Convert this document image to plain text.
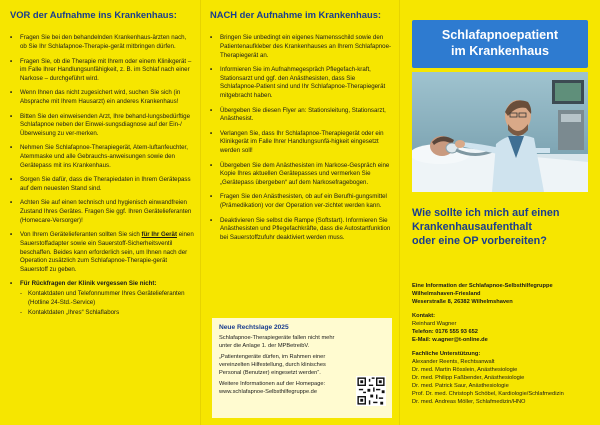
VOR der Aufnahme ins Krankenhaus:
• Fragen Sie bei den behandelnden Krankenhaus-ärzten nach, ob Sie Ihr Schlafapnoe-Therapie-gerät mitbringen dürfen.
• Fragen Sie, ob die Therapie mit Ihrem oder einem Klinikgerät – im Falle Ihrer Handlungsunfähigkeit, z. B. im Schlaf nach einer Narkose – durchgeführt wird.
• Wenn Ihnen das nicht zugesichert wird, suchen Sie sich (in Absprache mit Ihrem Hausarzt) ein anderes Krankenhaus!
• Bitten Sie den einweisenden Arzt, Ihre behand-lungsbedürftige Schlafapnoe neben der Einwei-sungsdiagnose auf der Ein-/Überweisung zu ver-merken.
• Nehmen Sie Schlafapnoe-Therapiegerät, Atem-luftanfeuchter, Atemmaske und alle Gebrauchs-anweisungen sowie den Gerätepass mit ins Krankenhaus.
• Sorgen Sie dafür, dass die Therapiedaten in Ihrem Gerätepass auf dem neuesten Stand sind.
• Achten Sie auf einen technisch und hygienisch einwandfreien Zustand Ihres Gerätes. Fragen Sie ggf. Ihren Gerätelieferanten (Homecare-Versorger)!
• Von Ihrem Gerätelieferanten sollten Sie sich für Ihr Gerät einen Sauerstoffadapter sowie ein Sauerstoff-Sicherheitsventil beschaffen. Beides kann erforderlich sein, um Ihnen nach der Operation zusätzlich zum Schlafapnoe-Therapie-gerät Sauerstoff zu geben.
• Für Rückfragen der Klinik vergessen Sie nicht:
- Kontaktdaten und Telefonnummer Ihres Gerätelieferanten (Hotline 24-Std.-Service)
- Kontaktdaten „Ihres“ Schlaflabors
NACH der Aufnahme im Krankenhaus:
• Bringen Sie unbedingt ein eigenes Namensschild sowie den Patientenaufkleber des Krankenhauses an Ihrem Schlafapnoe-Therapiegerät an.
• Informieren Sie im Aufnahmegespräch Pflegefach-kraft, Stationsarzt und ggf. den Anästhesisten, dass Sie Schlafapnoe-Patient sind und Ihr Schlafapnoe-Therapiegerät mitgebracht haben.
• Übergeben Sie diesen Flyer an: Stationsleitung, Stationsarzt, Anästhesist.
• Verlangen Sie, dass Ihr Schlafapnoe-Therapiegerät oder ein Klinikgerät im Falle Ihrer Handlungsunfä-higkeit eingesetzt werden soll!
• Übergeben Sie dem Anästhesisten im Narkose-Gespräch eine Kopie Ihres aktuellen Gerätepasses und vermerken Sie „Gerätepass übergeben“ auf dem Narkosefragebogen.
• Fragen Sie den Anästhesisten, ob auf ein Berufhi-gungsmittel (Prämedikation) vor der Operation ver-zichtet werden kann.
• Deaktivieren Sie selbst die Rampe (Softstart). Informieren Sie Anästhesisten und Pflegefachkräfte, dass die Autostartfunktion bei Sauerstoffzufuhr deaktiviert werden muss.
Neue Rechtslage 2025

Schlafapnoe-Therapiegeräte fallen nicht mehr unter die Anlage 1. der MPBetreibV.

„Patientengeräte dürfen, im Rahmen einer vereinzelten Hilfestellung, durch klinisches Personal (Benutzer) eingesetzt werden“.

Weitere Informationen auf der Homepage:
www.schlafapnoe-Selbsthilfegruppe.de

Schlafapnoepatient
im Krankenhaus
Wie sollte ich mich auf einen
Krankenhausaufenthalt
oder eine OP vorbereiten?
Eine Information der Schlafapnoe-Selbsthilfegruppe
Wilhelmshaven-Friesland
Weserstraße 8, 26382 Wilhelmshaven
Kontakt:
Reinhard Wagner
Telefon: 0176 555 93 652
E-Mail: w.agner@t-online.de
Fachliche Unterstützung:
Alexander Reents, Rechtsanwalt
Dr. med. Martin Rösslein, Anästhesiologie
Dr. med. Philipp Faßbender, Anästhesiologie
Dr. med. Patrick Saur, Anästhesiologie
Prof. Dr. med. Christoph Schöbel, Kardiologie/Schlafmedizin
Dr. med. Andreas Möller, Schlafmedizin/HNO
